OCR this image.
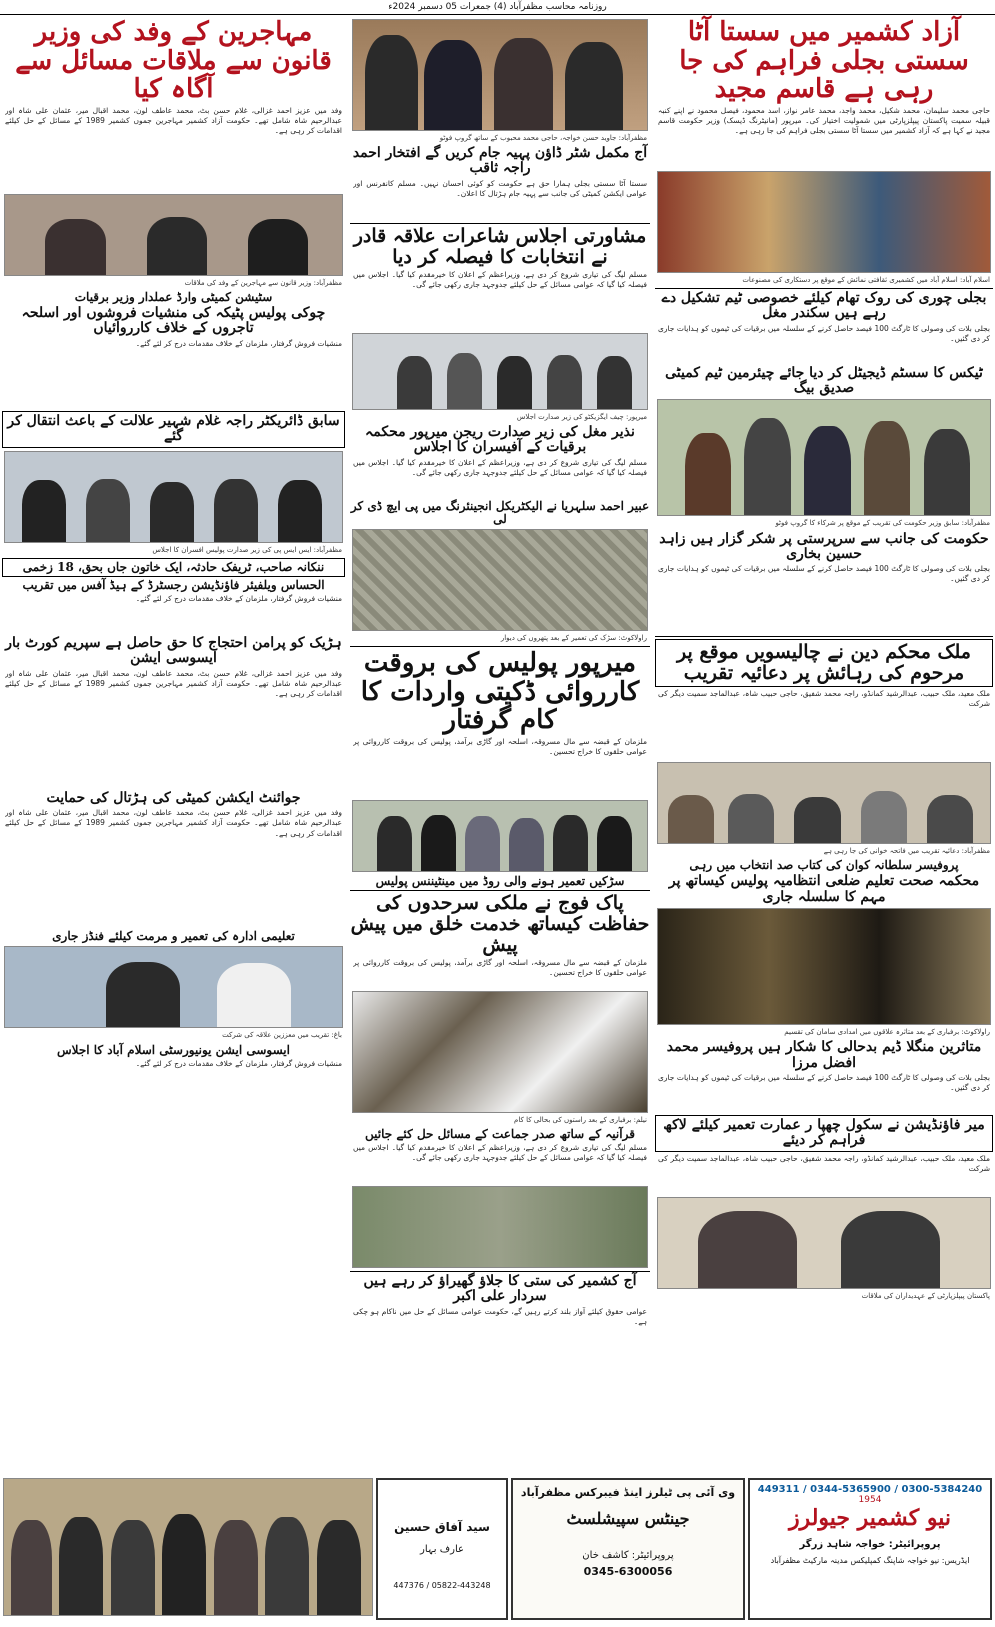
روزنامہ محاسب مظفرآباد (4) جمعرات 05 دسمبر 2024ء
آزاد کشمیر میں سستا آٹا سستی بجلی فراہم کی جا رہی ہے قاسم مجید
حاجی محمد سلیمان، محمد شکیل، محمد واجد، محمد عامر نواز، اسد محمود، فیصل محمود نے اپنے کنبہ قبیلہ سمیت پاکستان پیپلزپارٹی میں شمولیت اختیار کی۔ میرپور (مانیٹرنگ ڈیسک) وزیر حکومت قاسم مجید نے کہا ہے کہ آزاد کشمیر میں سستا آٹا سستی بجلی فراہم کی جا رہی ہے۔
اسلام آباد: اسلام آباد میں کشمیری ثقافتی نمائش کے موقع پر دستکاری کی مصنوعات
بجلی چوری کی روک تھام کیلئے خصوصی ٹیم تشکیل دے رہے ہیں سکندر مغل
بجلی بلات کی وصولی کا ٹارگٹ 100 فیصد حاصل کرنے کے سلسلہ میں برقیات کی ٹیموں کو ہدایات جاری کر دی گئیں۔
ٹیکس کا سسٹم ڈیجیٹل کر دیا جائے چیئرمین ٹیم کمیٹی صدیق بیگ
مظفرآباد: سابق وزیر حکومت کی تقریب کے موقع پر شرکاء کا گروپ فوٹو
حکومت کی جانب سے سرپرستی پر شکر گزار ہیں زاہد حسین بخاری
بجلی بلات کی وصولی کا ٹارگٹ 100 فیصد حاصل کرنے کے سلسلہ میں برقیات کی ٹیموں کو ہدایات جاری کر دی گئیں۔
ملک محکم دین نے چالیسویں موقع پر مرحوم کی رہائش پر دعائیہ تقریب
ملک معید، ملک حبیب، عبدالرشید کمانڈو، راجہ محمد شفیق، حاجی حبیب شاہ، عبدالماجد سمیت دیگر کی شرکت
مظفرآباد: دعائیہ تقریب میں فاتحہ خوانی کی جا رہی ہے
پروفیسر سلطانہ کوان کی کتاب صد انتخاب میں رہی
محکمہ صحت تعلیم ضلعی انتظامیہ پولیس کیساتھ پر مہم کا سلسلہ جاری
راولاکوٹ: برفباری کے بعد متاثرہ علاقوں میں امدادی سامان کی تقسیم
متاثرین منگلا ڈیم بدحالی کا شکار ہیں پروفیسر محمد افضل مرزا
بجلی بلات کی وصولی کا ٹارگٹ 100 فیصد حاصل کرنے کے سلسلہ میں برقیات کی ٹیموں کو ہدایات جاری کر دی گئیں۔
میر فاؤنڈیشن نے سکول چھپا ر عمارت تعمیر کیلئے لاکھ فراہم کر دیئے
ملک معید، ملک حبیب، عبدالرشید کمانڈو، راجہ محمد شفیق، حاجی حبیب شاہ، عبدالماجد سمیت دیگر کی شرکت
پاکستان پیپلزپارٹی کے عہدیداران کی ملاقات
مظفرآباد: جاوید حسن خواجہ، حاجی محمد محبوب کے ساتھ گروپ فوٹو
آج مکمل شٹر ڈاؤن پہیہ جام کریں گے افتخار احمد راجہ ثاقب
سستا آٹا سستی بجلی ہمارا حق ہے حکومت کو کوئی احسان نہیں۔ مسلم کانفرنس اور عوامی ایکشن کمیٹی کی جانب سے پہیہ جام ہڑتال کا اعلان۔
مشاورتی اجلاس شاعرات علاقہ قادر نے انتخابات کا فیصلہ کر دیا
مسلم لیگ کی تیاری شروع کر دی ہے، وزیراعظم کے اعلان کا خیرمقدم کیا گیا۔ اجلاس میں فیصلہ کیا گیا کہ عوامی مسائل کے حل کیلئے جدوجہد جاری رکھی جائے گی۔
میرپور: چیف ایگزیکٹو کی زیر صدارت اجلاس
نذیر مغل کی زیر صدارت ریجن میرپور محکمہ برقیات کے آفیسران کا اجلاس
مسلم لیگ کی تیاری شروع کر دی ہے، وزیراعظم کے اعلان کا خیرمقدم کیا گیا۔ اجلاس میں فیصلہ کیا گیا کہ عوامی مسائل کے حل کیلئے جدوجہد جاری رکھی جائے گی۔
عبیر احمد سلہریا نے الیکٹریکل انجینئرنگ میں پی ایچ ڈی کر لی
راولاکوٹ: سڑک کی تعمیر کے بعد پتھروں کی دیوار
میرپور پولیس کی بروقت کارروائی ڈکیتی واردات کا کام گرفتار
ملزمان کے قبضہ سے مال مسروقہ، اسلحہ اور گاڑی برآمد، پولیس کی بروقت کارروائی پر عوامی حلقوں کا خراج تحسین۔
سڑکیں تعمیر ہونے والی روڈ میں مینٹیننس پولیس
پاک فوج نے ملکی سرحدوں کی حفاظت کیساتھ خدمت خلق میں پیش پیش
ملزمان کے قبضہ سے مال مسروقہ، اسلحہ اور گاڑی برآمد، پولیس کی بروقت کارروائی پر عوامی حلقوں کا خراج تحسین۔
نیلم: برفباری کے بعد راستوں کی بحالی کا کام
قرآنیہ کے ساتھ صدر جماعت کے مسائل حل کئے جائیں
مسلم لیگ کی تیاری شروع کر دی ہے، وزیراعظم کے اعلان کا خیرمقدم کیا گیا۔ اجلاس میں فیصلہ کیا گیا کہ عوامی مسائل کے حل کیلئے جدوجہد جاری رکھی جائے گی۔
آج کشمیر کی ستی کا جلاؤ گھیراؤ کر رہے ہیں سردار علی اکبر
عوامی حقوق کیلئے آواز بلند کرتے رہیں گے، حکومت عوامی مسائل کے حل میں ناکام ہو چکی ہے۔
مہاجرین کے وفد کی وزیر قانون سے ملاقات مسائل سے آگاہ کیا
وفد میں عزیز احمد غزالی، غلام حسن بٹ، محمد عاطف لون، محمد اقبال میر، عثمان علی شاہ اور عبدالرحیم شاہ شامل تھے۔ حکومت آزاد کشمیر مہاجرین جموں کشمیر 1989 کے مسائل کے حل کیلئے اقدامات کر رہی ہے۔
مظفرآباد: وزیر قانون سے مہاجرین کے وفد کی ملاقات
سٹیشن کمیٹی وارڈ عملدار وزیر برقیات
چوکی پولیس پٹیکہ کی منشیات فروشوں اور اسلحہ تاجروں کے خلاف کارروائیاں
منشیات فروش گرفتار، ملزمان کے خلاف مقدمات درج کر لئے گئے۔
سابق ڈائریکٹر راجہ غلام شہیر علالت کے باعث انتقال کر گئے
مظفرآباد: ایس ایس پی کی زیر صدارت پولیس افسران کا اجلاس
ننکانہ صاحب، ٹریفک حادثہ، ایک خاتون جاں بحق، 18 زخمی
الحساس ویلفیئر فاؤنڈیشن رجسٹرڈ کے ہیڈ آفس میں تقریب
منشیات فروش گرفتار، ملزمان کے خلاف مقدمات درج کر لئے گئے۔
ہڑیک کو پرامن احتجاج کا حق حاصل ہے سپریم کورٹ بار ایسوسی ایشن
وفد میں عزیز احمد غزالی، غلام حسن بٹ، محمد عاطف لون، محمد اقبال میر، عثمان علی شاہ اور عبدالرحیم شاہ شامل تھے۔ حکومت آزاد کشمیر مہاجرین جموں کشمیر 1989 کے مسائل کے حل کیلئے اقدامات کر رہی ہے۔
جوائنٹ ایکشن کمیٹی کی ہڑتال کی حمایت
وفد میں عزیز احمد غزالی، غلام حسن بٹ، محمد عاطف لون، محمد اقبال میر، عثمان علی شاہ اور عبدالرحیم شاہ شامل تھے۔ حکومت آزاد کشمیر مہاجرین جموں کشمیر 1989 کے مسائل کے حل کیلئے اقدامات کر رہی ہے۔
تعلیمی ادارہ کی تعمیر و مرمت کیلئے فنڈز جاری
باغ: تقریب میں معززین علاقہ کی شرکت
ایسوسی ایشن یونیورسٹی اسلام آباد کا اجلاس
منشیات فروش گرفتار، ملزمان کے خلاف مقدمات درج کر لئے گئے۔
0300-5384240 / 0344-5365900 / 449311
1954
نیو کشمیر جیولرز
پروپرائیٹر: خواجہ شاہد زرگر
ایڈریس: نیو خواجہ شاپنگ کمپلیکس مدینہ مارکیٹ مظفرآباد
وی آئی پی ٹیلرز اینڈ فیبرکس مظفرآباد
جینٹس سپیشلسٹ
پروپرائیٹر: کاشف خان
0345-6300056
سید آفاق حسین
عارف بہار
05822-443248 / 447376
